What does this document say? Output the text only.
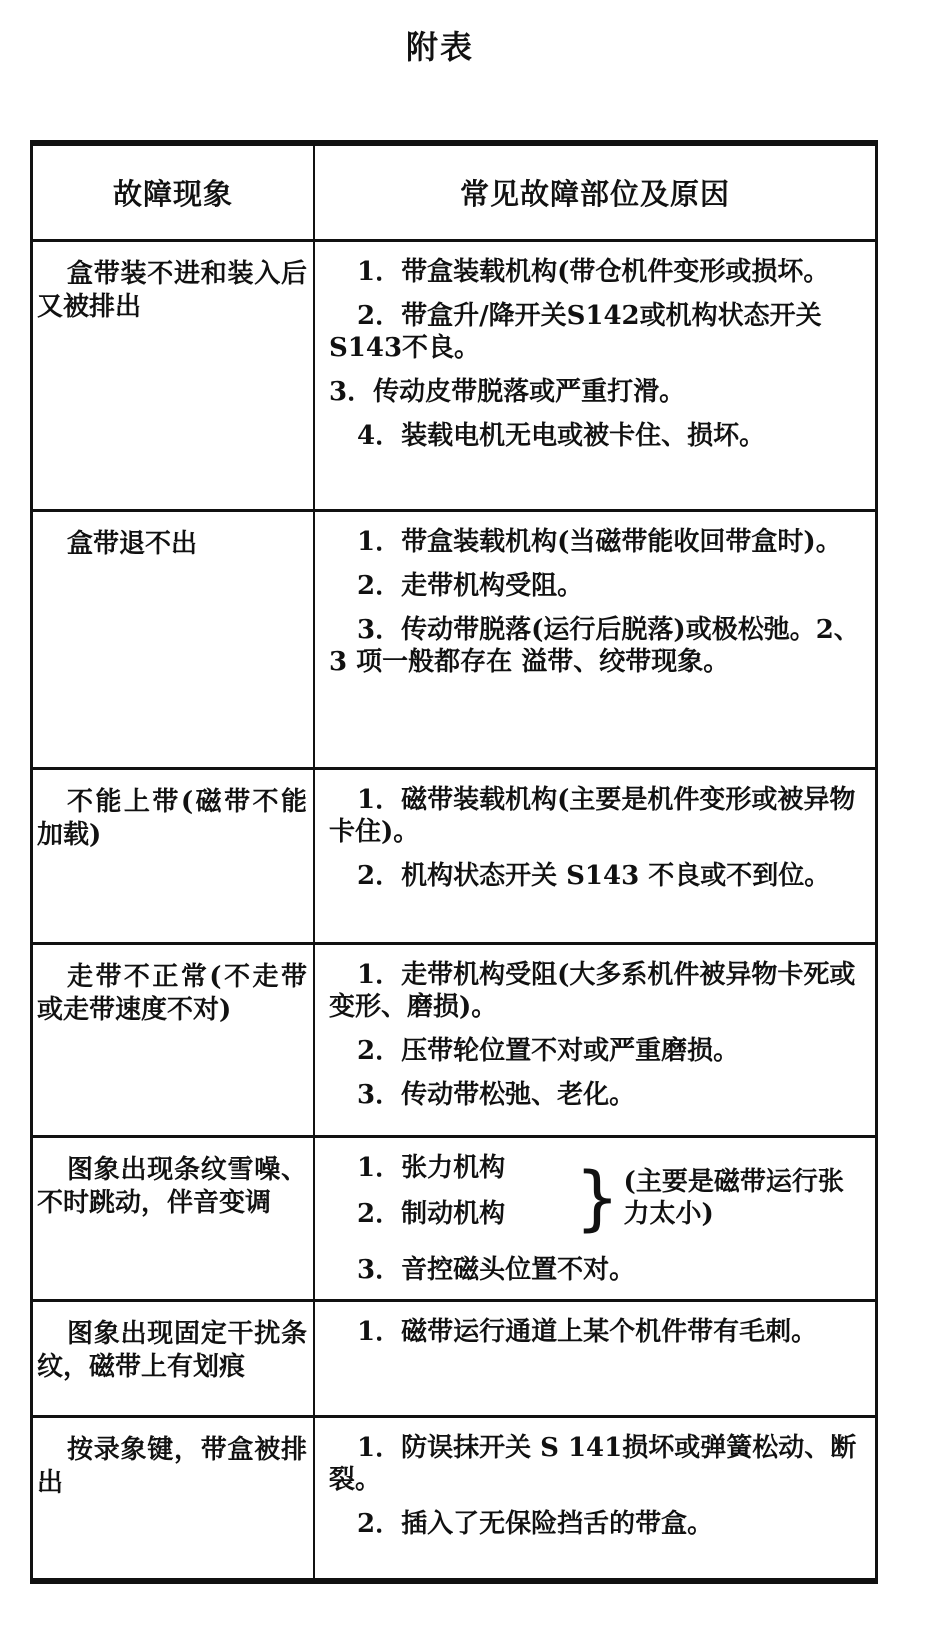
附表
故障现象	常见故障部位及原因
盒带装不进和装入后又被排出
1．带盒装载机构(带仓机件变形或损坏。
2．带盒升/降开关S142或机构状态开关S143不良。
3．传动皮带脱落或严重打滑。
4．装载电机无电或被卡住、损坏。
盒带退不出	1．带盒装载机构(当磁带能收回带盒时)。
2．走带机构受阻。
3．传动带脱落(运行后脱落)或极松弛。2、3 项一般都存在 溢带、绞带现象。
不能上带(磁带不能加载)
1．磁带装载机构(主要是机件变形或被异物卡住)。
2．机构状态开关 S143 不良或不到位。
走带不正常(不走带或走带速度不对)
1．走带机构受阻(大多系机件被异物卡死或变形、磨损)。
2．压带轮位置不对或严重磨损。
3．传动带松弛、老化。
图象出现条纹雪噪、不时跳动，伴音变调
1．张力机构
2．制动机构 } (主要是磁带运行张力太小)
3．音控磁头位置不对。
图象出现固定干扰条纹，磁带上有划痕
1．磁带运行通道上某个机件带有毛刺。
按录象键，带盒被排出
1．防误抹开关 S 141损坏或弹簧松动、断裂。
2．插入了无保险挡舌的带盒。
